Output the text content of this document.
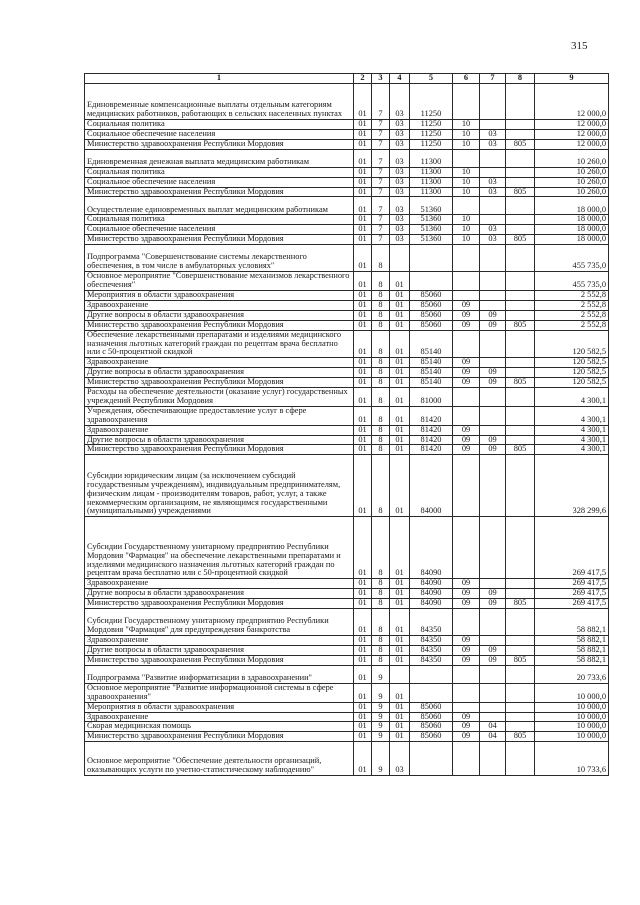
315
1	2	3	4	5	6	7	8	9
Единовременные компенсационные выплаты отдельным категориям медицинских работников, работающих в сельских населенных пунктах	01	7	03	11250				12 000,0
Социальная политика	01	7	03	11250	10			12 000,0
Социальное обеспечение населения	01	7	03	11250	10	03		12 000,0
Министерство здравоохранения Республики Мордовия	01	7	03	11250	10	03	805	12 000,0
Единовременная денежная выплата медицинским работникам	01	7	03	11300				10 260,0
Социальная политика	01	7	03	11300	10			10 260,0
Социальное обеспечение населения	01	7	03	11300	10	03		10 260,0
Министерство здравоохранения Республики Мордовия	01	7	03	11300	10	03	805	10 260,0
Осуществление единовременных выплат медицинским работникам	01	7	03	51360				18 000,0
Социальная политика	01	7	03	51360	10			18 000,0
Социальное обеспечение населения	01	7	03	51360	10	03		18 000,0
Министерство здравоохранения Республики Мордовия	01	7	03	51360	10	03	805	18 000,0
Подпрограмма "Совершенствование системы лекарственного обеспечения, в том числе в амбулаторных условиях"	01	8						455 735,0
Основное мероприятие "Совершенствование механизмов лекарственного обеспечения"	01	8	01					455 735,0
Мероприятия в области здравоохранения	01	8	01	85060				2 552,8
Здравоохранение	01	8	01	85060	09			2 552,8
Другие вопросы в области здравоохранения	01	8	01	85060	09	09		2 552,8
Министерство здравоохранения Республики Мордовия	01	8	01	85060	09	09	805	2 552,8
Обеспечение лекарственными препаратами и изделиями медицинского назначения льготных категорий граждан по рецептам врача бесплатно или с 50-процентной скидкой	01	8	01	85140				120 582,5
Здравоохранение	01	8	01	85140	09			120 582,5
Другие вопросы в области здравоохранения	01	8	01	85140	09	09		120 582,5
Министерство здравоохранения Республики Мордовия	01	8	01	85140	09	09	805	120 582,5
Расходы на обеспечение деятельности (оказание услуг) государственных учреждений Республики Мордовия	01	8	01	81000				4 300,1
Учреждения, обеспечивающие предоставление услуг в сфере здравоохранения	01	8	01	81420				4 300,1
Здравоохранение	01	8	01	81420	09			4 300,1
Другие вопросы в области здравоохранения	01	8	01	81420	09	09		4 300,1
Министерство здравоохранения Республики Мордовия	01	8	01	81420	09	09	805	4 300,1
Субсидии юридическим лицам (за исключением субсидий государственным учреждениям), индивидуальным предпринимателям, физическим лицам - производителям товаров, работ, услуг, а также некоммерческим организациям, не являющимся государственными (муниципальными) учреждениями	01	8	01	84000				328 299,6
Субсидии Государственному унитарному предприятию Республики Мордовия "Фармация" на обеспечение лекарственными препаратами и изделиями медицинского назначения льготных категорий граждан по рецептам врача бесплатно или с 50-процентной скидкой	01	8	01	84090				269 417,5
Здравоохранение	01	8	01	84090	09			269 417,5
Другие вопросы в области здравоохранения	01	8	01	84090	09	09		269 417,5
Министерство здравоохранения Республики Мордовия	01	8	01	84090	09	09	805	269 417,5
Субсидии Государственному унитарному предприятию Республики Мордовия "Фармация" для предупреждения банкротства	01	8	01	84350				58 882,1
Здравоохранение	01	8	01	84350	09			58 882,1
Другие вопросы в области здравоохранения	01	8	01	84350	09	09		58 882,1
Министерство здравоохранения Республики Мордовия	01	8	01	84350	09	09	805	58 882,1
Подпрограмма "Развитие информатизации в здравоохранении"	01	9						20 733,6
Основное мероприятие "Развитие информационной системы в сфере здравоохранения"	01	9	01					10 000,0
Мероприятия в области здравоохранения	01	9	01	85060				10 000,0
Здравоохранение	01	9	01	85060	09			10 000,0
Скорая медицинская помощь	01	9	01	85060	09	04		10 000,0
Министерство здравоохранения Республики Мордовия	01	9	01	85060	09	04	805	10 000,0
Основное мероприятие "Обеспечение деятельности организаций, оказывающих услуги по учетно-статистическому наблюдению"	01	9	03					10 733,6
